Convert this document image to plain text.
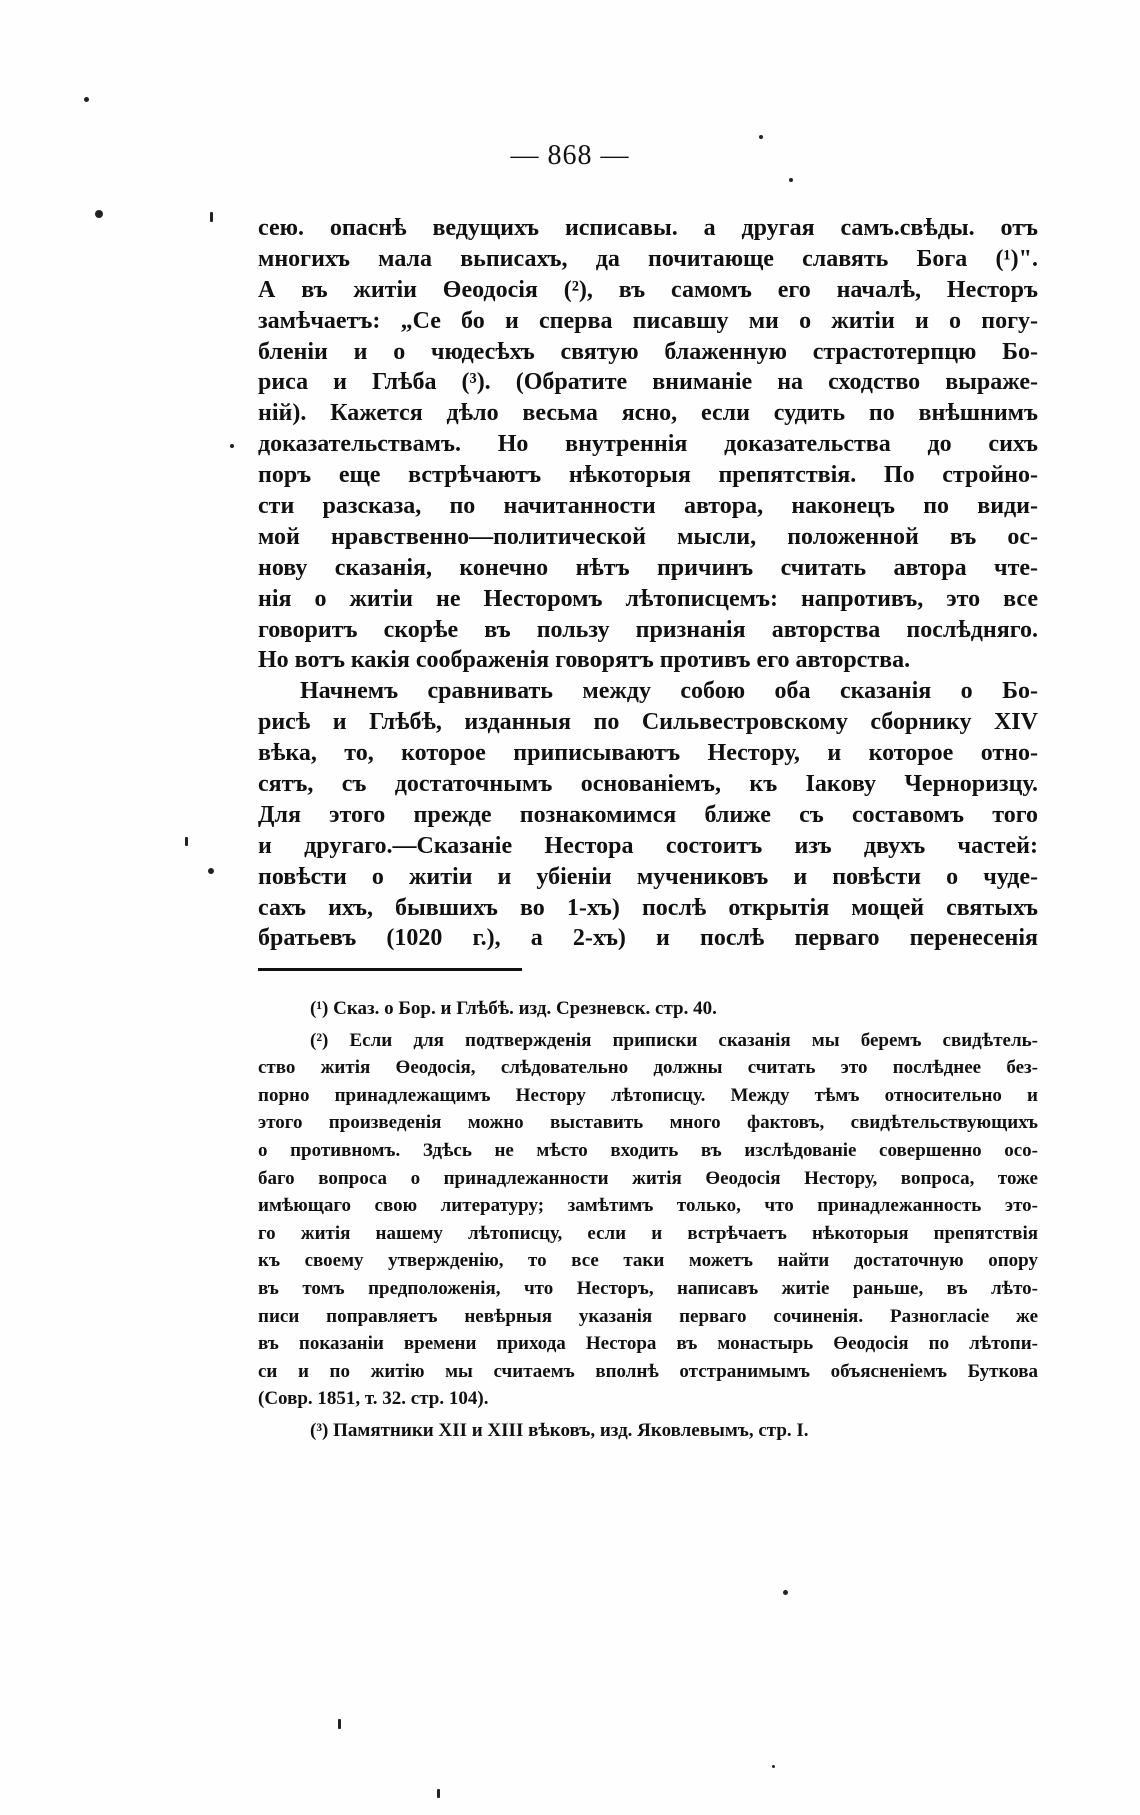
— 868 —
сею. опаснѣ ведущихъ исписавы. а другая самъ.свѣды. отъ
многихъ мала вьписахъ, да почитающе славять Бога (¹)".
А въ житiи Өеодосiя (²), въ самомъ его началѣ, Несторъ
замѣчаетъ: „Се бо и сперва писавшу ми о житiи и о погу-
бленiи и о чюдесѣхъ святую блаженную страстотерпцю Бо-
риса и Глѣба (³). (Обратите вниманiе на сходство выраже-
нiй). Кажется дѣло весьма ясно, если судить по внѣшнимъ
доказательствамъ. Но внутреннiя доказательства до сихъ
поръ еще встрѣчаютъ нѣкоторыя препятствiя. По стройно-
сти разсказа, по начитанности автора, наконецъ по види-
мой нравственно—политической мысли, положенной въ ос-
нову сказанiя, конечно нѣтъ причинъ считать автора чте-
нiя о житiи не Несторомъ лѣтописцемъ: напротивъ, это все
говоритъ скорѣе въ пользу признанiя авторства послѣдняго.
Но вотъ какiя соображенiя говорятъ противъ его авторства.
Начнемъ сравнивать между собою оба сказанiя о Бо-
рисѣ и Глѣбѣ, изданныя по Сильвестровскому сборнику XIV
вѣка, то, которое приписываютъ Нестору, и которое отно-
сятъ, съ достаточнымъ основанiемъ, къ Iакову Черноризцу.
Для этого прежде познакомимся ближе съ составомъ того
и другаго.—Сказанiе Нестора состоитъ изъ двухъ частей:
повѣсти о житiи и убiенiи мучениковъ и повѣсти о чуде-
сахъ ихъ, бывшихъ во 1-хъ) послѣ открытiя мощей святыхъ
братьевъ (1020 г.), а 2-хъ) и послѣ перваго перенесенiя
(¹) Сказ. о Бор. и Глѣбѣ. изд. Срезневск. стр. 40.
(²) Если для подтвержденiя приписки сказанiя мы беремъ свидѣтель-
ство житiя Өеодосiя, слѣдовательно должны считать это послѣднее без-
порно принадлежащимъ Нестору лѣтописцу. Между тѣмъ относительно и
этого произведенiя можно выставить много фактовъ, свидѣтельствующихъ
о противномъ. Здѣсь не мѣсто входить въ изслѣдованiе совершенно осо-
баго вопроса о принадлежанности житiя Өеодосiя Нестору, вопроса, тоже
имѣющаго свою литературу; замѣтимъ только, что принадлежанность это-
го житiя нашему лѣтописцу, если и встрѣчаетъ нѣкоторыя препятствiя
къ своему утвержденiю, то все таки можетъ найти достаточную опору
въ томъ предположенiя, что Несторъ, написавъ житiе раньше, въ лѣто-
писи поправляетъ невѣрныя указанiя перваго сочиненiя. Разногласiе же
въ показанiи времени прихода Нестора въ монастырь Өеодосiя по лѣтопи-
си и по житiю мы считаемъ вполнѣ отстранимымъ объясненiемъ Буткова
(Совр. 1851, т. 32. стр. 104).
(³) Памятники XII и XIII вѣковъ, изд. Яковлевымъ, стр. I.
